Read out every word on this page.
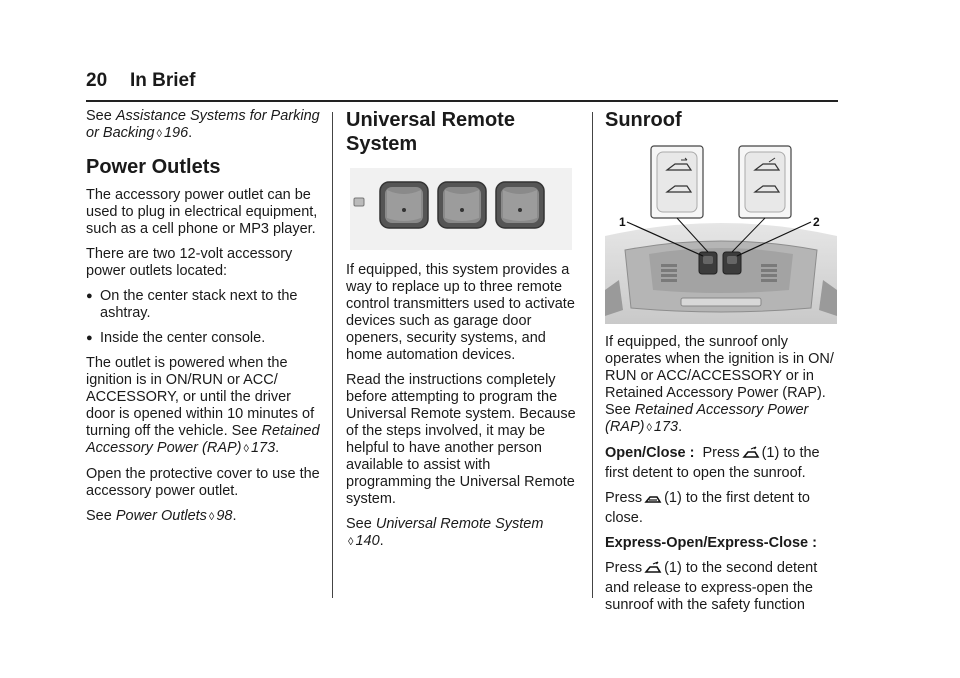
20 In Brief

See Assistance Systems for Parking or Backing ◊ 196.

Power Outlets

The accessory power outlet can be used to plug in electrical equipment, such as a cell phone or MP3 player.

There are two 12-volt accessory power outlets located:

● On the center stack next to the ashtray.
● Inside the center console.

The outlet is powered when the ignition is in ON/RUN or ACC/ ACCESSORY, or until the driver door is opened within 10 minutes of turning off the vehicle. See Retained Accessory Power (RAP) ◊ 173.

Open the protective cover to use the accessory power outlet.

See Power Outlets ◊ 98.

Universal Remote System

If equipped, this system provides a way to replace up to three remote control transmitters used to activate devices such as garage door openers, security systems, and home automation devices.

Read the instructions completely before attempting to program the Universal Remote system. Because of the steps involved, it may be helpful to have another person available to assist with programming the Universal Remote system.

See Universal Remote System
◊ 140.

Sunroof
1	2

If equipped, the sunroof only operates when the ignition is in ON/ RUN or ACC/ACCESSORY or in Retained Accessory Power (RAP). See Retained Accessory Power (RAP) ◊ 173.

Open/Close : Press (1) to the first detent to open the sunroof.

Press (1) to the first detent to close.

Express-Open/Express-Close :

Press (1) to the second detent and release to express-open the sunroof with the safety function
